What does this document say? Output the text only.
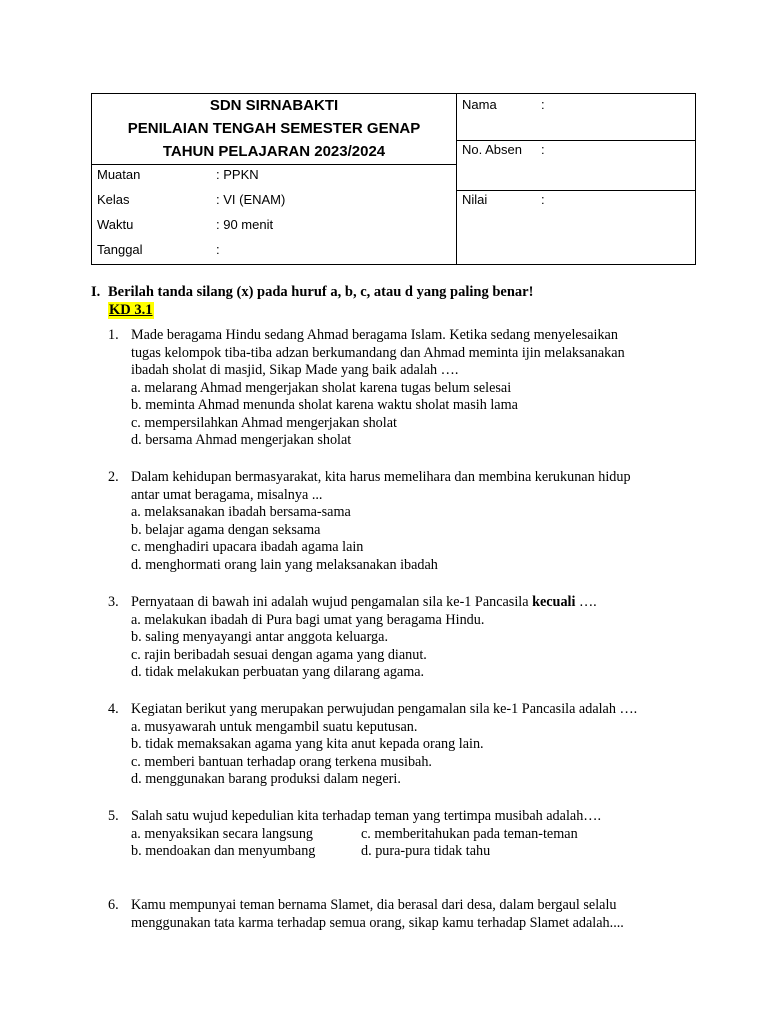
SDN SIRNABAKTI
PENILAIAN TENGAH SEMESTER GENAP
TAHUN PELAJARAN 2023/2024
Muatan	: PPKN
Kelas	: VI (ENAM)
Waktu	: 90 menit
Tanggal	:
Nama	:
No. Absen :
Nilai	:
I. Berilah tanda silang (x) pada huruf a, b, c, atau d yang paling benar!
KD 3.1
1. Made beragama Hindu sedang Ahmad beragama Islam. Ketika sedang menyelesaikan
tugas kelompok tiba-tiba adzan berkumandang dan Ahmad meminta ijin melaksanakan
ibadah sholat di masjid, Sikap Made yang baik adalah ….
a. melarang Ahmad mengerjakan sholat karena tugas belum selesai
b. meminta Ahmad menunda sholat karena waktu sholat masih lama
c. mempersilahkan Ahmad mengerjakan sholat
d. bersama Ahmad mengerjakan sholat
2. Dalam kehidupan bermasyarakat, kita harus memelihara dan membina kerukunan hidup
antar umat beragama, misalnya ...
a. melaksanakan ibadah bersama-sama
b. belajar agama dengan seksama
c. menghadiri upacara ibadah agama lain
d. menghormati orang lain yang melaksanakan ibadah
3. Pernyataan di bawah ini adalah wujud pengamalan sila ke-1 Pancasila kecuali ….
a. melakukan ibadah di Pura bagi umat yang beragama Hindu.
b. saling menyayangi antar anggota keluarga.
c. rajin beribadah sesuai dengan agama yang dianut.
d. tidak melakukan perbuatan yang dilarang agama.
4. Kegiatan berikut yang merupakan perwujudan pengamalan sila ke-1 Pancasila adalah ….
a. musyawarah untuk mengambil suatu keputusan.
b. tidak memaksakan agama yang kita anut kepada orang lain.
c. memberi bantuan terhadap orang terkena musibah.
d. menggunakan barang produksi dalam negeri.
5. Salah satu wujud kepedulian kita terhadap teman yang tertimpa musibah adalah….
a. menyaksikan secara langsung
b. mendoakan dan menyumbang
c. memberitahukan pada teman-teman
d. pura-pura tidak tahu
6. Kamu mempunyai teman bernama Slamet, dia berasal dari desa, dalam bergaul selalu
menggunakan tata karma terhadap semua orang, sikap kamu terhadap Slamet adalah....
